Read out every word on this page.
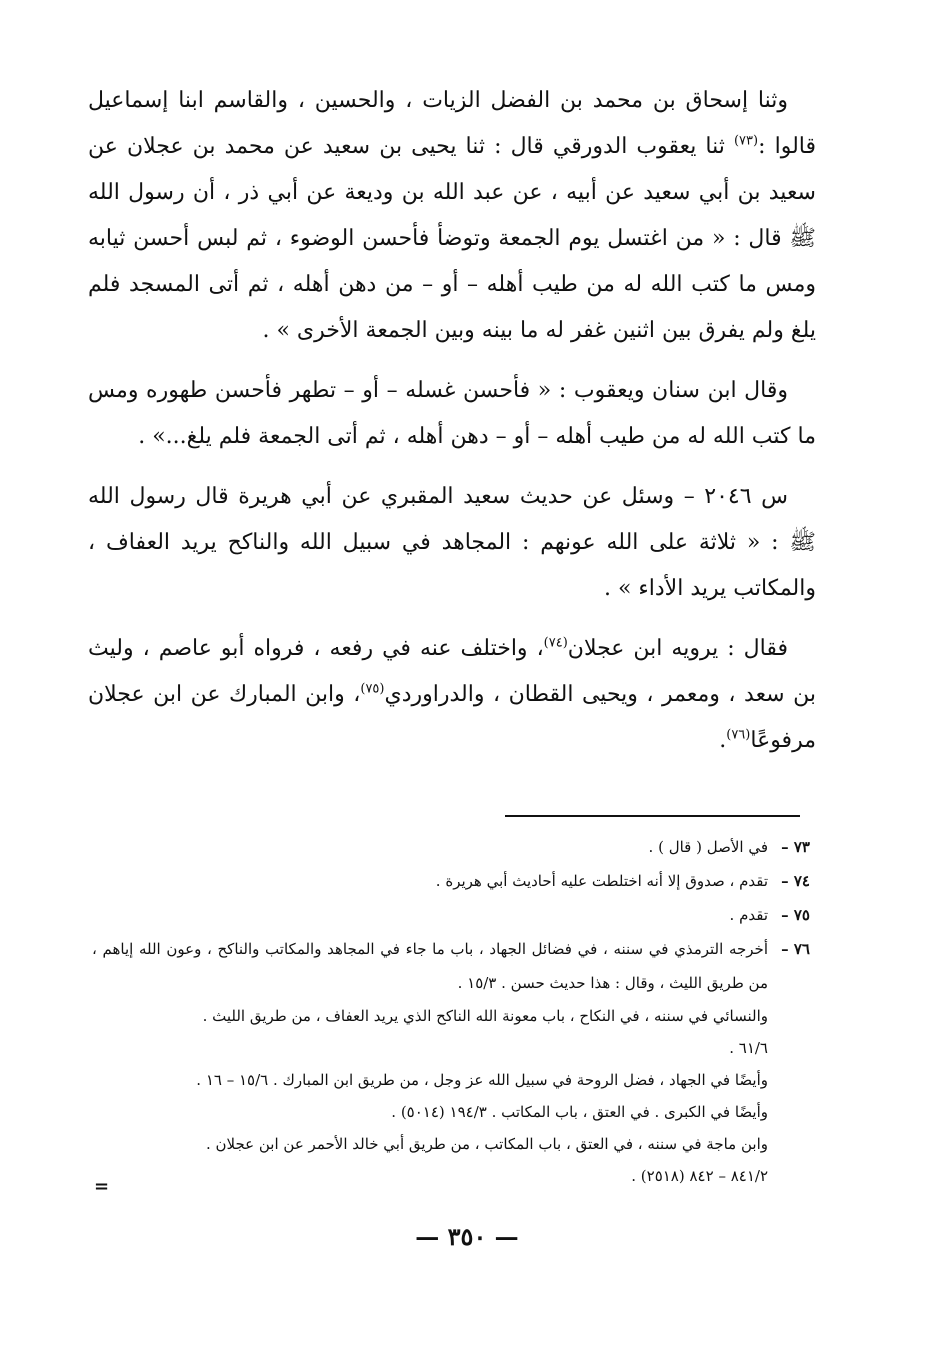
وثنا إسحاق بن محمد بن الفضل الزيات ، والحسين ، والقاسم ابنا إسماعيل قالوا :$^{(٧٣)}$ ثنا يعقوب الدورقي قال : ثنا يحيى بن سعيد عن محمد بن عجلان عن سعيد بن أبي سعيد عن أبيه ، عن عبد الله بن وديعة عن أبي ذر ، أن رسول الله ﷺ قال : « من اغتسل يوم الجمعة وتوضأ فأحسن الوضوء ، ثم لبس أحسن ثيابه ومس ما كتب الله له من طيب أهله – أو – من دهن أهله ، ثم أتى المسجد فلم يلغ ولم يفرق بين اثنين غفر له ما بينه وبين الجمعة الأخرى » .

وقال ابن سنان ويعقوب : « فأحسن غسله – أو – تطهر فأحسن طهوره ومس ما كتب الله له من طيب أهله – أو – دهن أهله ، ثم أتى الجمعة فلم يلغ...» .

س ٢٠٤٦ – وسئل عن حديث سعيد المقبري عن أبي هريرة قال رسول الله ﷺ : « ثلاثة على الله عونهم : المجاهد في سبيل الله والناكح يريد العفاف ، والمكاتب يريد الأداء » .

فقال : يرويه ابن عجلان$^{(٧٤)}$، واختلف عنه في رفعه ، فرواه أبو عاصم ، وليث بن سعد ، ومعمر ، ويحيى القطان ، والدراوردي$^{(٧٥)}$، وابن المبارك عن ابن عجلان مرفوعًا$^{(٧٦)}$.

٧٣ –
في الأصل ( قال ) .
٧٤ –
تقدم ، صدوق إلا أنه اختلطت عليه أحاديث أبي هريرة .
٧٥ –
تقدم .
٧٦ –
أخرجه الترمذي في سننه ، في فضائل الجهاد ، باب ما جاء في المجاهد والمكاتب والناكح ، وعون الله إياهم ، من طريق الليث ، وقال : هذا حديث حسن . ١٥/٣ .
والنسائي في سننه ، في النكاح ، باب معونة الله الناكح الذي يريد العفاف ، من طريق الليث .
٦١/٦ .
وأيضًا في الجهاد ، فضل الروحة في سبيل الله عز وجل ، من طريق ابن المبارك . ١٥/٦ – ١٦ .
وأيضًا في الكبرى . في العتق ، باب المكاتب . ١٩٤/٣ (٥٠١٤) .
وابن ماجة في سننه ، في العتق ، باب المكاتب ، من طريق أبي خالد الأحمر عن ابن عجلان .
٨٤١/٢ – ٨٤٢ (٢٥١٨) .
=
— ٣٥٠ —
